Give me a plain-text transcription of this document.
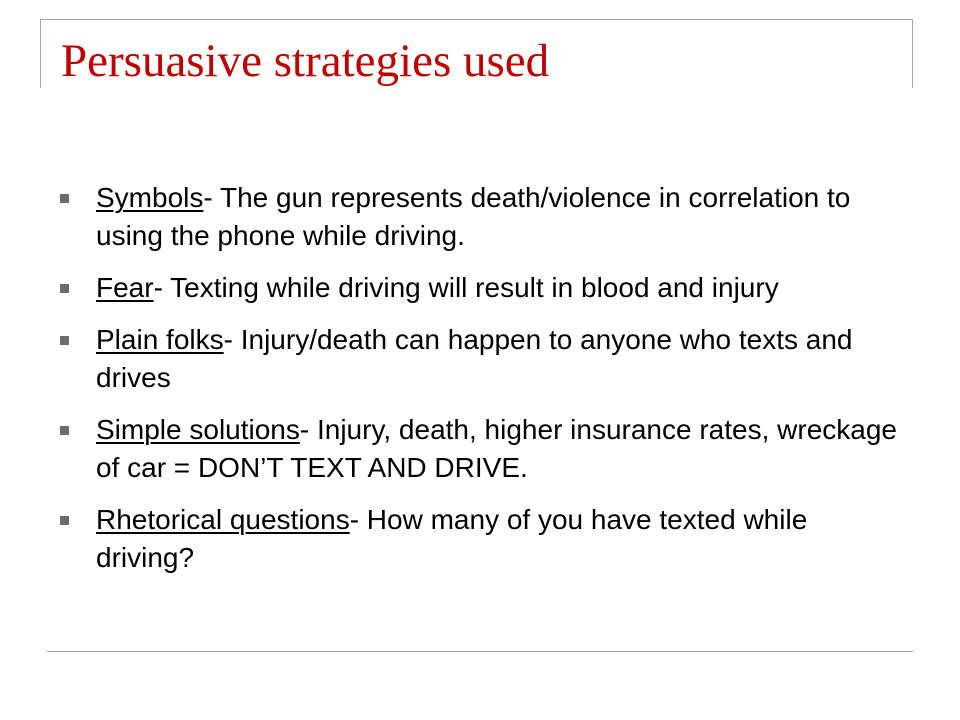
Persuasive strategies used
Symbols- The gun represents death/violence in correlation to using the phone while driving.
Fear- Texting while driving will result in blood and injury
Plain folks- Injury/death can happen to anyone who texts and drives
Simple solutions- Injury, death, higher insurance rates, wreckage of car = DON’T TEXT AND DRIVE.
Rhetorical questions- How many of you have texted while driving?
